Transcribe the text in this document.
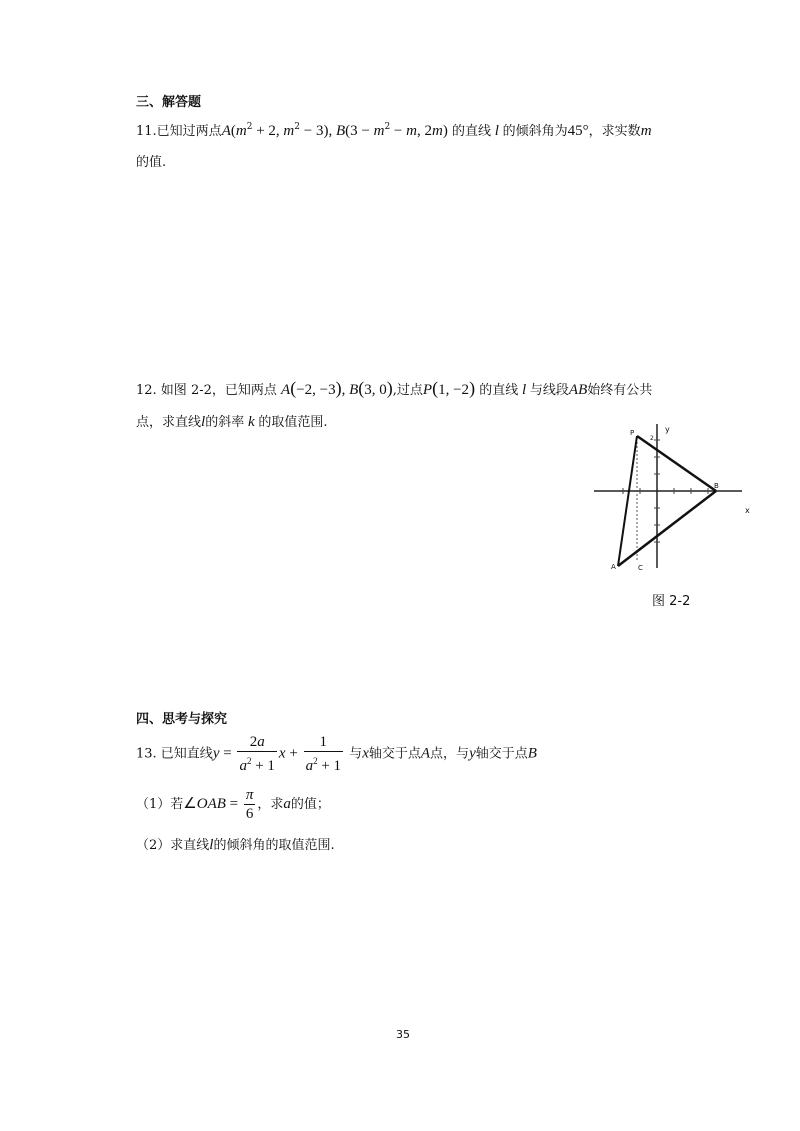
三、解答题
11.已知过两点$A(m^2 + 2$, $m^2 - 3$), $B(3 - m^2 - m$, 2m) 的直线 l 的倾斜角为45°，求实数m
的值.
12. 如图 2-2，已知两点 A(−2, −3), B(3, 0),过点P(1, −2) 的直线 l 与线段AB始终有公共
点，求直线l的斜率 k 的取值范围.
P
2
y
B
x
A	C
图 2-2
四、思考与探究
13. 已知直线$y = \frac{2a}{a^2 + 1}$ $x + \frac{1}{a^2 + 1}$ 与x轴交于点A点，与y轴交于点B
（1）若∠OAB = $\frac{\pi}{6}$ ，求a的值；
（2）求直线l的倾斜角的取值范围.
35
